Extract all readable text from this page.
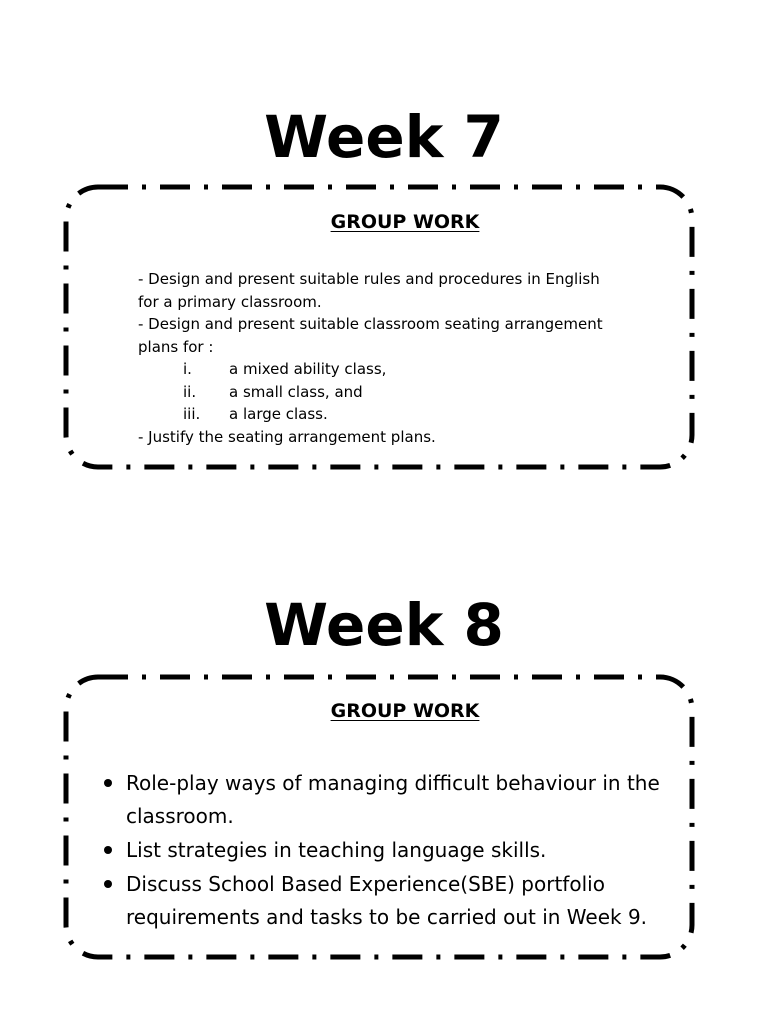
Week 7
GROUP WORK

- Design and present suitable rules and procedures in English

for a primary classroom.

- Design and present suitable classroom seating arrangement

plans for :

i.	a mixed ability class,
ii.	a small class, and
iii.	a large class.

- Justify the seating arrangement plans.

Week 8
GROUP WORK
Role-play ways of managing difficult behaviour in the classroom.
List strategies in teaching language skills.
Discuss School Based Experience(SBE) portfolio requirements and tasks to be carried out in Week 9.
